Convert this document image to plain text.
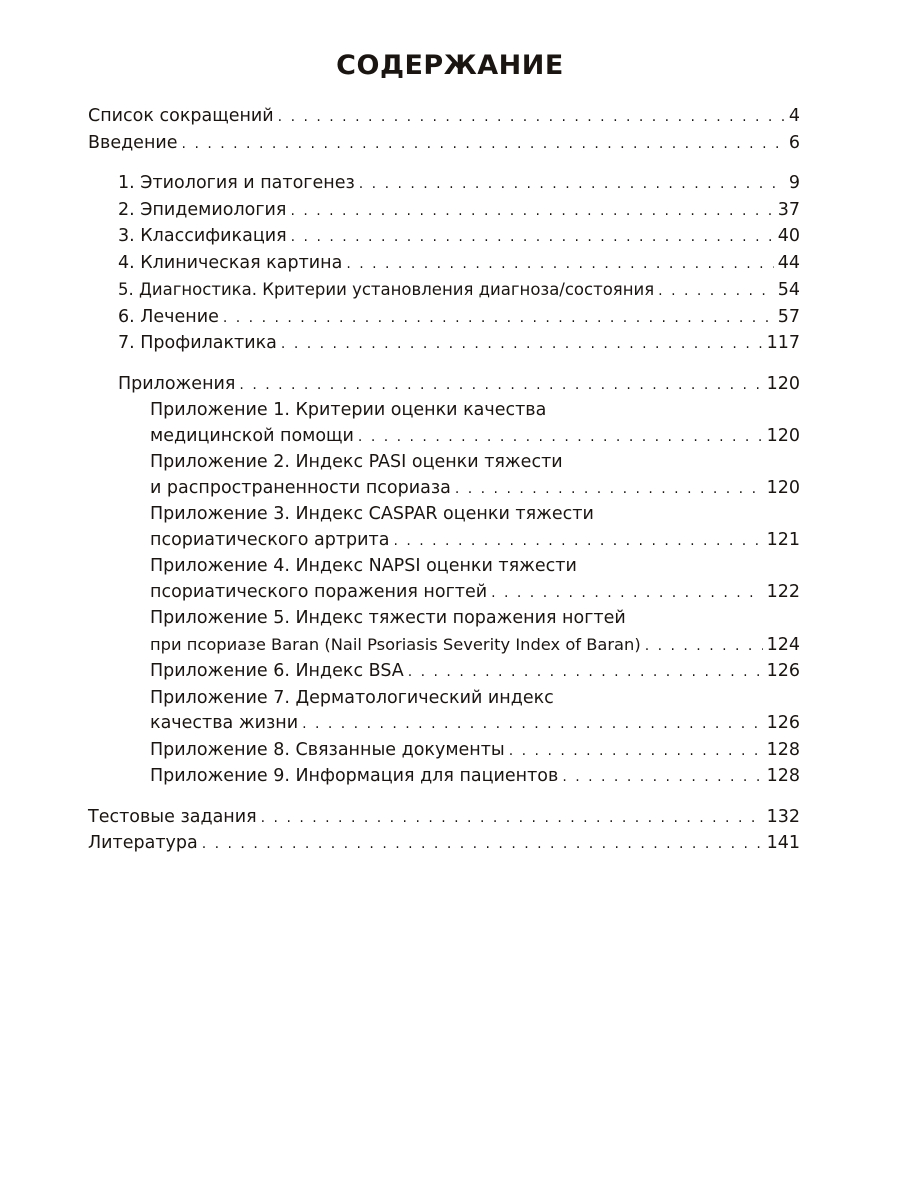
СОДЕРЖАНИЕ
Список сокращений . . .	4
Введение . . .	6
1. Этиология и патогенез . . .	9
2. Эпидемиология . . .	37
3. Классификация . . .	40
4. Клиническая картина . . .	44
5. Диагностика. Критерии установления диагноза/состояния . . .	54
6. Лечение . . .	57
7. Профилактика . . .	117
Приложения . . .	120
Приложение 1. Критерии оценки качества
медицинской помощи . . .	120
Приложение 2. Индекс PASI оценки тяжести
и распространенности псориаза . . .	120
Приложение 3. Индекс CASPAR оценки тяжести
псориатического артрита . . .	121
Приложение 4. Индекс NAPSI оценки тяжести
псориатического поражения ногтей . . .	122
Приложение 5. Индекс тяжести поражения ногтей
при псориазе Baran (Nail Psoriasis Severity Index of Baran) . . .	124
Приложение 6. Индекс BSA . . .	126
Приложение 7. Дерматологический индекс
качества жизни . . .	126
Приложение 8. Связанные документы . . .	128
Приложение 9. Информация для пациентов . . .	128
Тестовые задания . . .	132
Литература . . .	141
